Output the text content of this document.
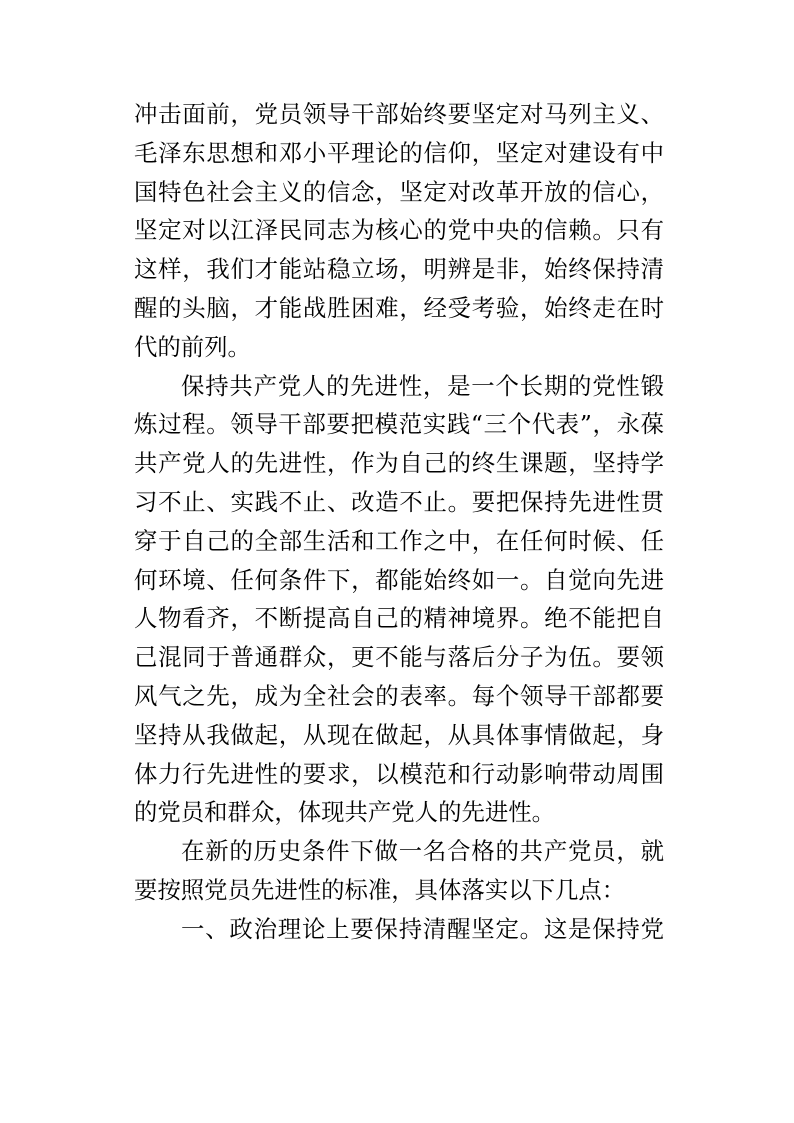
冲击面前，党员领导干部始终要坚定对马列主义、
毛泽东思想和邓小平理论的信仰，坚定对建设有中
国特色社会主义的信念，坚定对改革开放的信心，
坚定对以江泽民同志为核心的党中央的信赖。只有
这样，我们才能站稳立场，明辨是非，始终保持清
醒的头脑，才能战胜困难，经受考验，始终走在时
代的前列。
保持共产党人的先进性，是一个长期的党性锻
炼过程。领导干部要把模范实践“三个代表”，永葆
共产党人的先进性，作为自己的终生课题，坚持学
习不止、实践不止、改造不止。要把保持先进性贯
穿于自己的全部生活和工作之中，在任何时候、任
何环境、任何条件下，都能始终如一。自觉向先进
人物看齐，不断提高自己的精神境界。绝不能把自
己混同于普通群众，更不能与落后分子为伍。要领
风气之先，成为全社会的表率。每个领导干部都要
坚持从我做起，从现在做起，从具体事情做起，身
体力行先进性的要求，以模范和行动影响带动周围
的党员和群众，体现共产党人的先进性。
在新的历史条件下做一名合格的共产党员，就
要按照党员先进性的标准，具体落实以下几点：
一、政治理论上要保持清醒坚定。这是保持党
